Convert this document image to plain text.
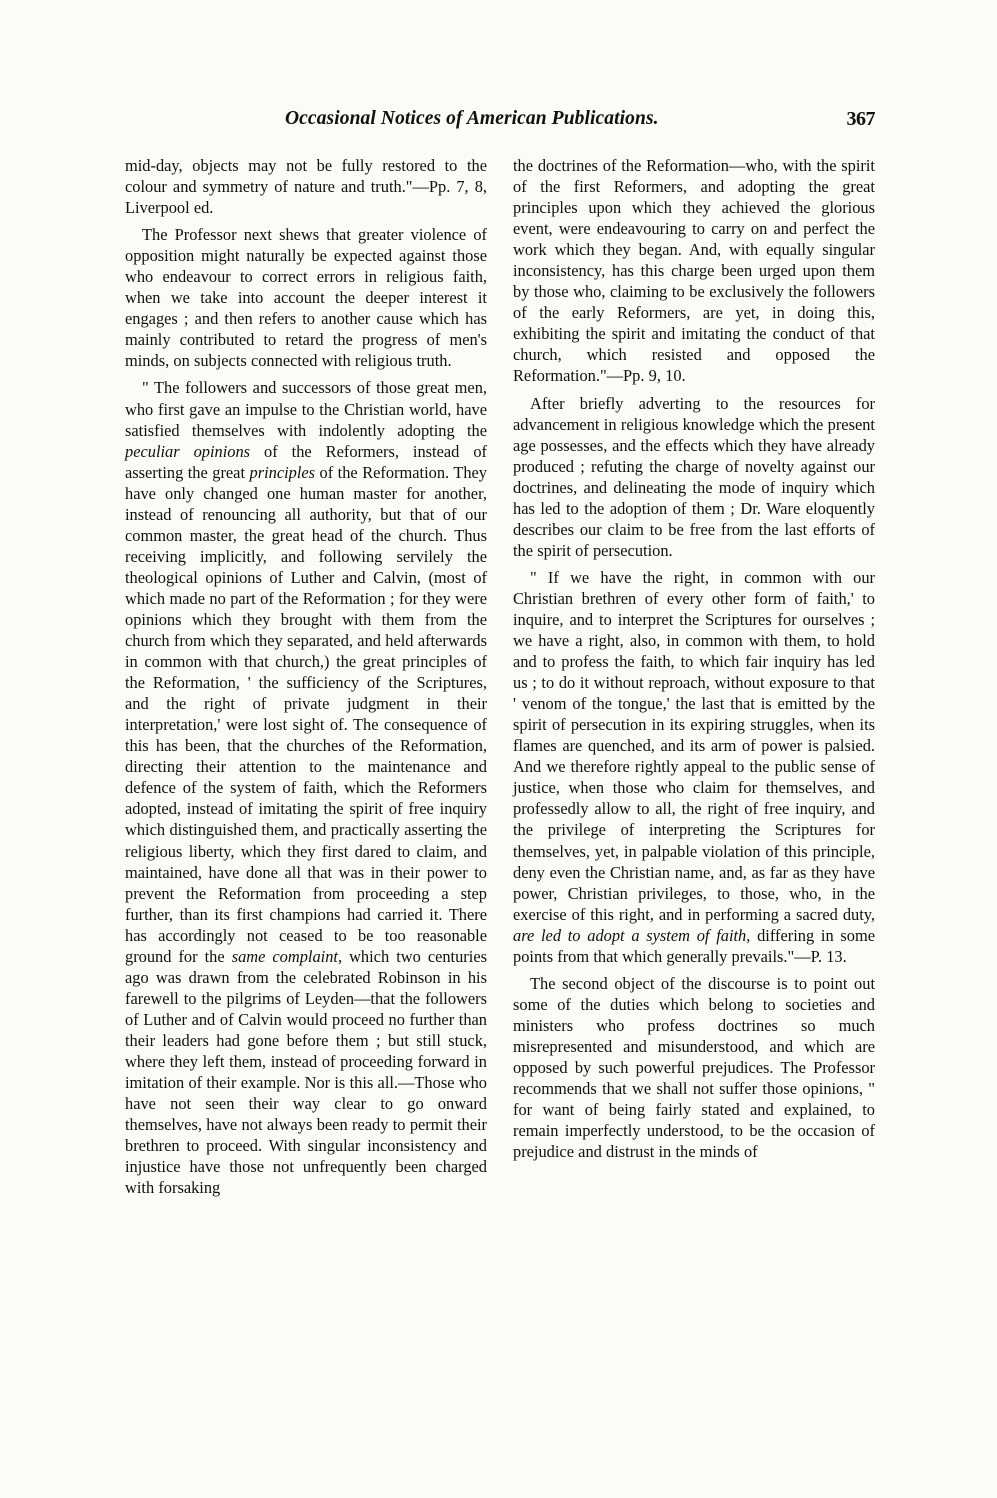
Occasional Notices of American Publications.	367

mid-day, objects may not be fully restored to the colour and symmetry of nature and truth."—Pp. 7, 8, Liverpool ed.

The Professor next shews that greater violence of opposition might naturally be expected against those who endeavour to correct errors in religious faith, when we take into account the deeper interest it engages ; and then refers to another cause which has mainly contributed to retard the progress of men's minds, on subjects connected with religious truth.

" The followers and successors of those great men, who first gave an impulse to the Christian world, have satisfied themselves with indolently adopting the peculiar opinions of the Reformers, instead of asserting the great principles of the Reformation. They have only changed one human master for another, instead of renouncing all authority, but that of our common master, the great head of the church. Thus receiving implicitly, and following servilely the theological opinions of Luther and Calvin, (most of which made no part of the Reformation ; for they were opinions which they brought with them from the church from which they separated, and held afterwards in common with that church,) the great principles of the Reformation, ' the sufficiency of the Scriptures, and the right of private judgment in their interpretation,' were lost sight of. The consequence of this has been, that the churches of the Reformation, directing their attention to the maintenance and defence of the system of faith, which the Reformers adopted, instead of imitating the spirit of free inquiry which distinguished them, and practically asserting the religious liberty, which they first dared to claim, and maintained, have done all that was in their power to prevent the Reformation from proceeding a step further, than its first champions had carried it. There has accordingly not ceased to be too reasonable ground for the same complaint, which two centuries ago was drawn from the celebrated Robinson in his farewell to the pilgrims of Leyden—that the followers of Luther and of Calvin would proceed no further than their leaders had gone before them ; but still stuck, where they left them, instead of proceeding forward in imitation of their example. Nor is this all.—Those who have not seen their way clear to go onward themselves, have not always been ready to permit their brethren to proceed. With singular inconsistency and injustice have those not unfrequently been charged with forsaking

the doctrines of the Reformation—who, with the spirit of the first Reformers, and adopting the great principles upon which they achieved the glorious event, were endeavouring to carry on and perfect the work which they began. And, with equally singular inconsistency, has this charge been urged upon them by those who, claiming to be exclusively the followers of the early Reformers, are yet, in doing this, exhibiting the spirit and imitating the conduct of that church, which resisted and opposed the Reformation."—Pp. 9, 10.

After briefly adverting to the resources for advancement in religious knowledge which the present age possesses, and the effects which they have already produced ; refuting the charge of novelty against our doctrines, and delineating the mode of inquiry which has led to the adoption of them ; Dr. Ware eloquently describes our claim to be free from the last efforts of the spirit of persecution.

" If we have the right, in common with our Christian brethren of every other form of faith,' to inquire, and to interpret the Scriptures for ourselves ; we have a right, also, in common with them, to hold and to profess the faith, to which fair inquiry has led us ; to do it without reproach, without exposure to that ' venom of the tongue,' the last that is emitted by the spirit of persecution in its expiring struggles, when its flames are quenched, and its arm of power is palsied. And we therefore rightly appeal to the public sense of justice, when those who claim for themselves, and professedly allow to all, the right of free inquiry, and the privilege of interpreting the Scriptures for themselves, yet, in palpable violation of this principle, deny even the Christian name, and, as far as they have power, Christian privileges, to those, who, in the exercise of this right, and in performing a sacred duty, are led to adopt a system of faith, differing in some points from that which generally prevails."—P. 13.

The second object of the discourse is to point out some of the duties which belong to societies and ministers who profess doctrines so much misrepresented and misunderstood, and which are opposed by such powerful prejudices. The Professor recommends that we shall not suffer those opinions, " for want of being fairly stated and explained, to remain imperfectly understood, to be the occasion of prejudice and distrust in the minds of
